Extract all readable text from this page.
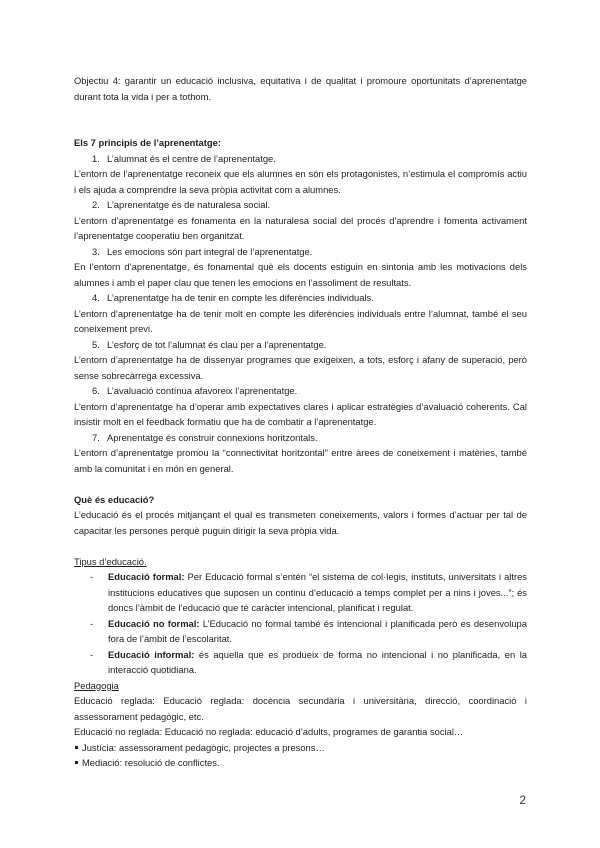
Objectiu 4: garantir un educació inclusiva, equitativa i de qualitat i promoure oportunitats d’aprenentatge durant tota la vida i per a tothom.

Els 7 principis de l’aprenentatge:

1. L’alumnat és el centre de l’aprenentatge.

L’entorn de l’aprenentatge reconeix que els alumnes en són els protagonistes, n’estimula el compromís actiu i els ajuda a comprendre la seva pròpia activitat com a alumnes.

2. L’aprenentatge és de naturalesa social.

L’entorn d’aprenentatge es fonamenta en la naturalesa social del procés d’aprendre i fomenta activament l’aprenentatge cooperatiu ben organitzat.

3. Les emocions són part integral de l’aprenentatge.

En l’entorn d’aprenentatge, és fonamental què els docents estiguin en sintonia amb les motivacions dels alumnes i amb el paper clau que tenen les emocions en l’assoliment de resultats.

4. L’aprenentatge ha de tenir en compte les diferències individuals.

L’entorn d’aprenentatge ha de tenir molt en compte les diferències individuals entre l’alumnat, també el seu coneixement previ.

5. L’esforç de tot l’alumnat és clau per a l’aprenentatge.

L’entorn d’aprenentatge ha de dissenyar programes que exigeixen, a tots, esforç i afany de superació, però sense sobrecàrrega excessiva.

6. L’avaluació contínua afavoreix l’aprenentatge.

L’entorn d’aprenentatge ha d’operar amb expectatives clares i aplicar estratègies d’avaluació coherents. Cal insistir molt en el feedback formatiu que ha de combatir a l’aprenentatge.

7. Aprenentatge és construir connexions horitzontals.

L’entorn d’aprenentatge promou la “connectivitat horitzontal” entre àrees de coneixement i matèries, també amb la comunitat i en món en general.

Què és educació?

L’educació és el procés mitjançant el qual es transmeten coneixements, valors i formes d’actuar per tal de capacitar les persones perquè puguin dirigir la seva pròpia vida.

Tipus d’educació.

- Educació formal: Per Educació formal s’entén “el sistema de col·legis, instituts, universitats i altres institucions educatives que suposen un continu d’educació a temps complet per a nins i joves...”; és doncs l’àmbit de l’educació que té caràcter intencional, planificat i regulat.
- Educació no formal: L’Educació no formal també és intencional i planificada però es desenvolupa fora de l’àmbit de l’escolaritat.
- Educació informal: és aquella que es produeix de forma no intencional i no planificada, en la interacció quotidiana.

Pedagogia

Educació reglada: Educació reglada: docència secundària i universitària, direcció, coordinació i assessorament pedagògic, etc.

Educació no reglada: Educació no reglada: educació d’adults, programes de garantia social…

Justícia: assessorament pedagògic, projectes a presons…

Mediació: resolució de conflictes.

2
